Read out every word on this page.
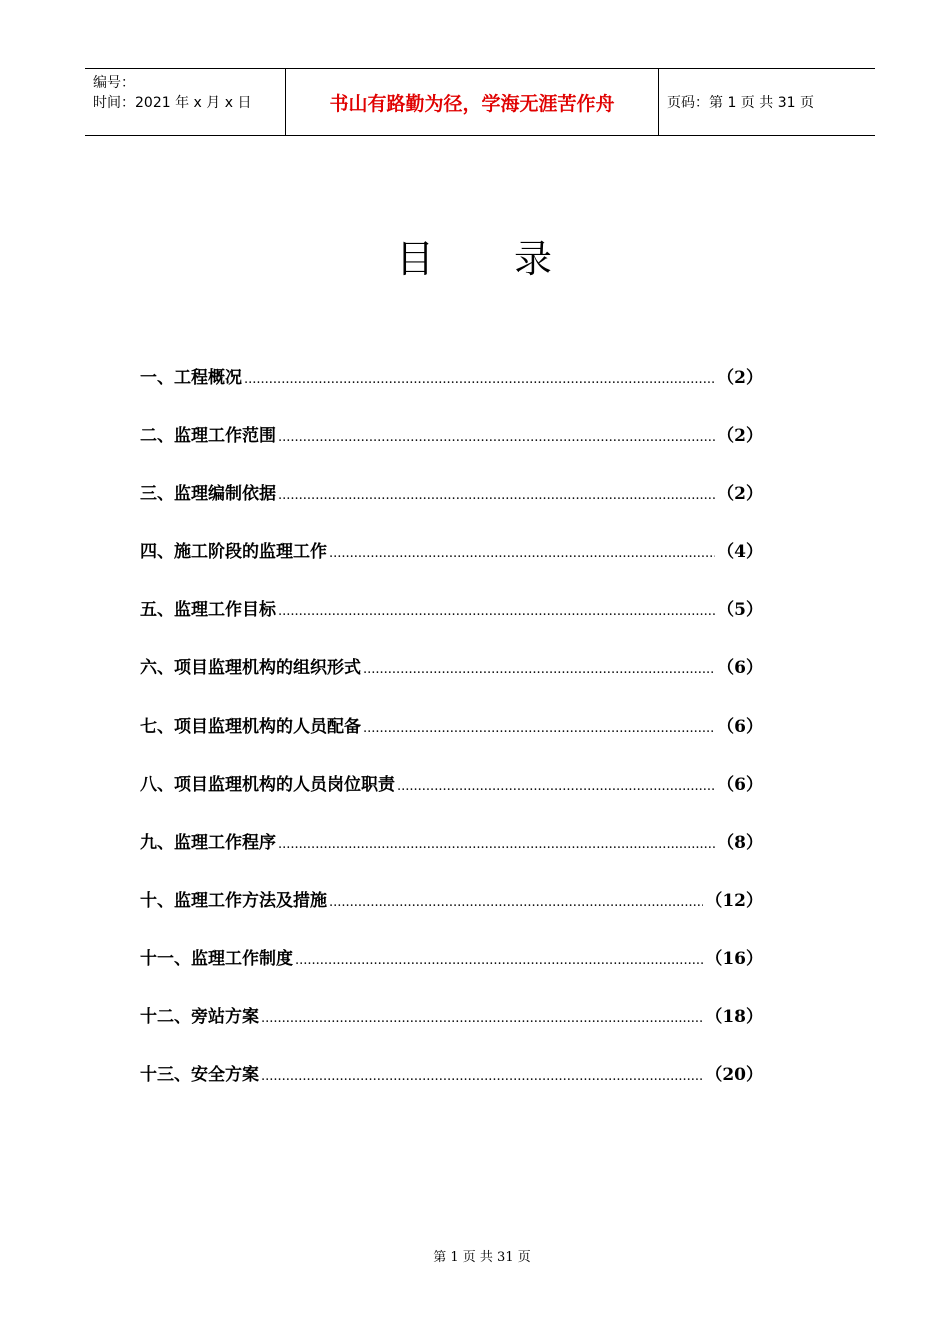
编号：
时间：2021 年 x 月 x 日	书山有路勤为径，学海无涯苦作舟	页码：第 1 页 共 31 页
目 录
一、工程概况 .....	（2）
二、监理工作范围 .....	（2）
三、监理编制依据 .....	（2）
四、施工阶段的监理工作 .....	（4）
五、监理工作目标 .....	（5）
六、项目监理机构的组织形式 .....	（6）
七、项目监理机构的人员配备 .....	（6）
八、项目监理机构的人员岗位职责 .....	（6）
九、监理工作程序 .....	（8）
十、监理工作方法及措施 .....	（12）
十一、监理工作制度 .....	（16）
十二、旁站方案 .....	（18）
十三、安全方案 .....	（20）
第 1 页 共 31 页
